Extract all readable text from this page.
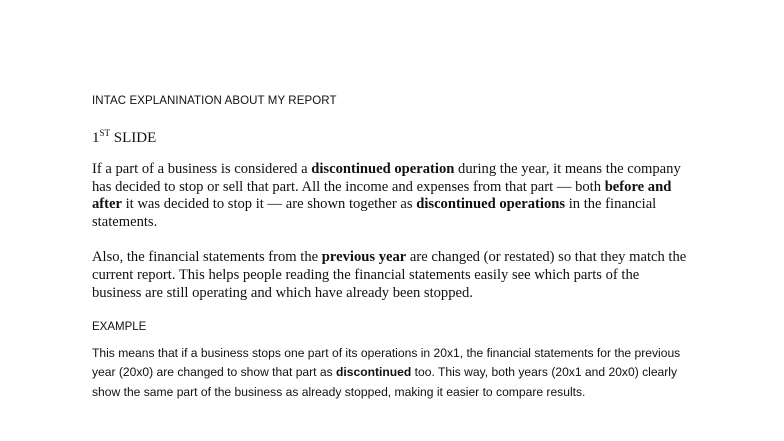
INTAC EXPLANINATION ABOUT MY REPORT
1ST SLIDE

If a part of a business is considered a discontinued operation during the year, it means the company has decided to stop or sell that part. All the income and expenses from that part — both before and after it was decided to stop it — are shown together as discontinued operations in the financial statements.

Also, the financial statements from the previous year are changed (or restated) so that they match the current report. This helps people reading the financial statements easily see which parts of the business are still operating and which have already been stopped.

EXAMPLE

This means that if a business stops one part of its operations in 20x1, the financial statements for the previous year (20x0) are changed to show that part as discontinued too. This way, both years (20x1 and 20x0) clearly show the same part of the business as already stopped, making it easier to compare results.
